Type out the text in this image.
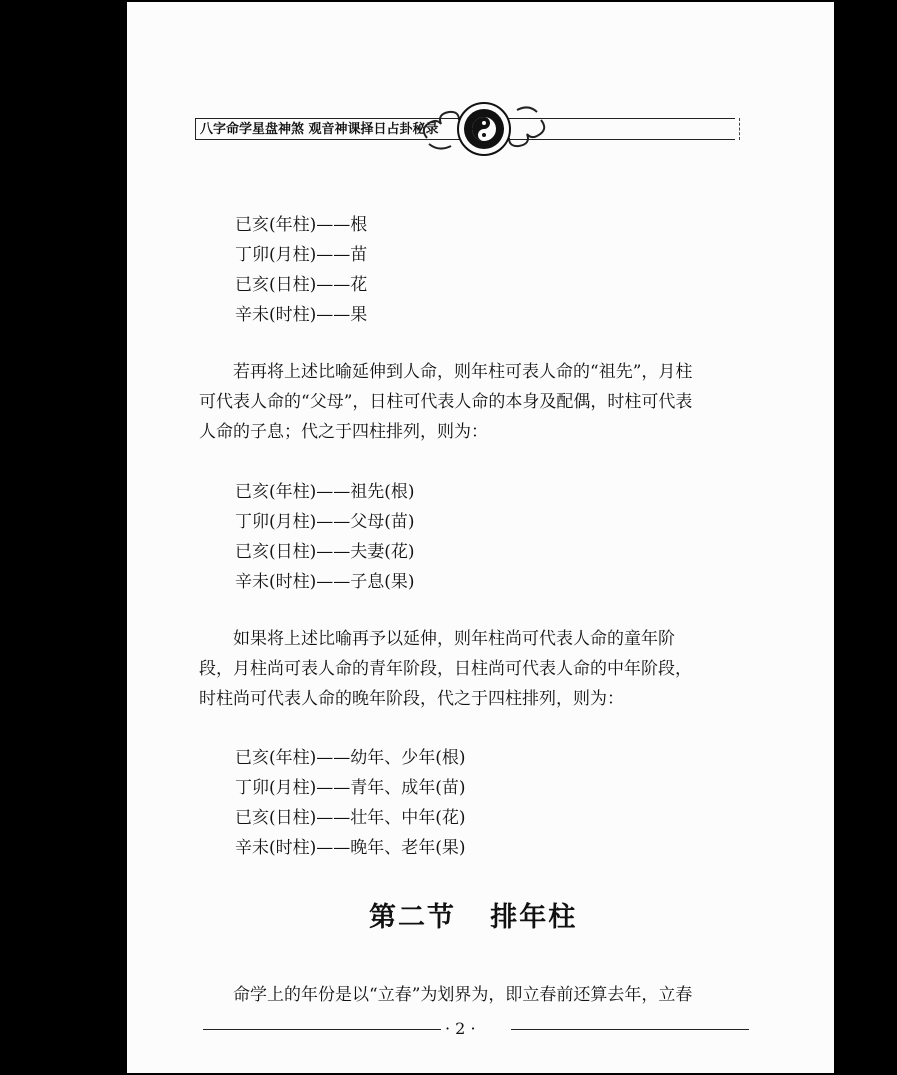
八字命学星盘神煞 观音神课择日占卦秘录
已亥(年柱)——根
丁卯(月柱)——苗
已亥(日柱)——花
辛未(时柱)——果
若再将上述比喻延伸到人命，则年柱可表人命的“祖先”，月柱
可代表人命的“父母”，日柱可代表人命的本身及配偶，时柱可代表
人命的子息；代之于四柱排列，则为：
已亥(年柱)——祖先(根)
丁卯(月柱)——父母(苗)
已亥(日柱)——夫妻(花)
辛未(时柱)——子息(果)
如果将上述比喻再予以延伸，则年柱尚可代表人命的童年阶
段，月柱尚可表人命的青年阶段，日柱尚可代表人命的中年阶段，
时柱尚可代表人命的晚年阶段，代之于四柱排列，则为：
已亥(年柱)——幼年、少年(根)
丁卯(月柱)——青年、成年(苗)
已亥(日柱)——壮年、中年(花)
辛未(时柱)——晚年、老年(果)
第二节   排年柱
命学上的年份是以“立春”为划界为，即立春前还算去年，立春
· 2 ·
